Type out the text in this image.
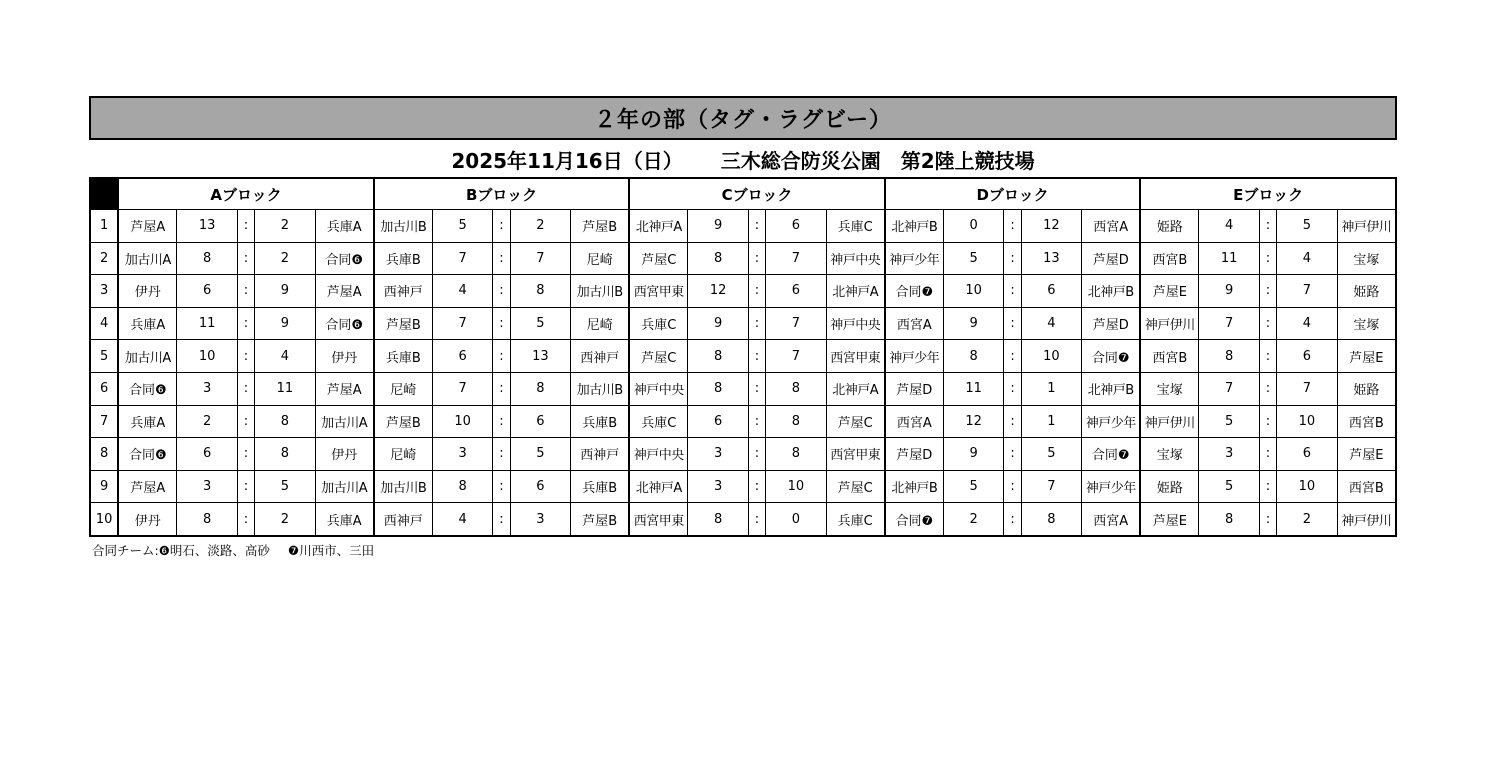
２年の部（タグ・ラグビー）
2025年11月16日（日） 三木総合防災公園　第2陸上競技場
	Aブロック					Bブロック					Cブロック					Dブロック					Eブロック				
1	芦屋A	13	:	2	兵庫A	加古川B	5	:	2	芦屋B	北神戸A	9	:	6	兵庫C	北神戸B	0	:	12	西宮A	姫路	4	:	5	神戸伊川
2	加古川A	8	:	2	合同❻	兵庫B	7	:	7	尼崎	芦屋C	8	:	7	神戸中央	神戸少年	5	:	13	芦屋D	西宮B	11	:	4	宝塚
3	伊丹	6	:	9	芦屋A	西神戸	4	:	8	加古川B	西宮甲東	12	:	6	北神戸A	合同❼	10	:	6	北神戸B	芦屋E	9	:	7	姫路
4	兵庫A	11	:	9	合同❻	芦屋B	7	:	5	尼崎	兵庫C	9	:	7	神戸中央	西宮A	9	:	4	芦屋D	神戸伊川	7	:	4	宝塚
5	加古川A	10	:	4	伊丹	兵庫B	6	:	13	西神戸	芦屋C	8	:	7	西宮甲東	神戸少年	8	:	10	合同❼	西宮B	8	:	6	芦屋E
6	合同❻	3	:	11	芦屋A	尼崎	7	:	8	加古川B	神戸中央	8	:	8	北神戸A	芦屋D	11	:	1	北神戸B	宝塚	7	:	7	姫路
7	兵庫A	2	:	8	加古川A	芦屋B	10	:	6	兵庫B	兵庫C	6	:	8	芦屋C	西宮A	12	:	1	神戸少年	神戸伊川	5	:	10	西宮B
8	合同❻	6	:	8	伊丹	尼崎	3	:	5	西神戸	神戸中央	3	:	8	西宮甲東	芦屋D	9	:	5	合同❼	宝塚	3	:	6	芦屋E
9	芦屋A	3	:	5	加古川A	加古川B	8	:	6	兵庫B	北神戸A	3	:	10	芦屋C	北神戸B	5	:	7	神戸少年	姫路	5	:	10	西宮B
10	伊丹	8	:	2	兵庫A	西神戸	4	:	3	芦屋B	西宮甲東	8	:	0	兵庫C	合同❼	2	:	8	西宮A	芦屋E	8	:	2	神戸伊川
合同チーム:❻明石、淡路、高砂 ❼川西市、三田
